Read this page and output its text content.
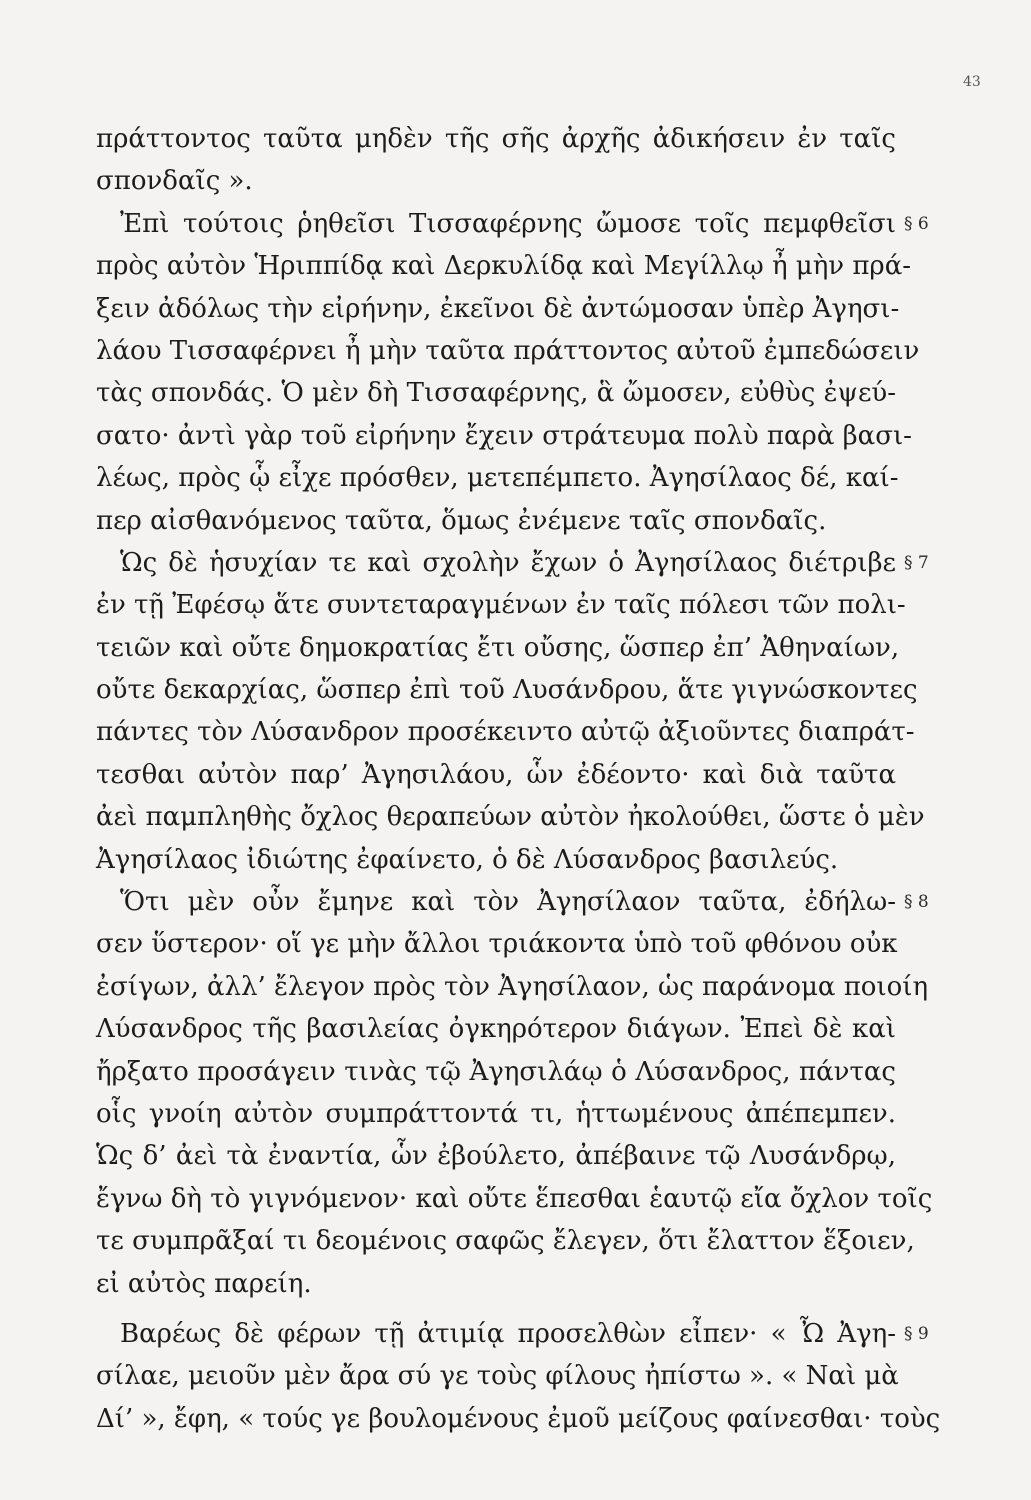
43
πράττοντος ταῦτα μηδὲν τῆς σῆς ἀρχῆς ἀδικήσειν ἐν ταῖς
σπονδαῖς ».
Ἐπὶ τούτοις ῥηθεῖσι Τισσαφέρνης ὤμοσε τοῖς πεμφθεῖσι
πρὸς αὐτὸν Ἡριππίδᾳ καὶ Δερκυλίδᾳ καὶ Μεγίλλῳ ἦ μὴν πρά-
ξειν ἀδόλως τὴν εἰρήνην, ἐκεῖνοι δὲ ἀντώμοσαν ὑπὲρ Ἀγησι-
λάου Τισσαφέρνει ἦ μὴν ταῦτα πράττοντος αὐτοῦ ἐμπεδώσειν
τὰς σπονδάς. Ὁ μὲν δὴ Τισσαφέρνης, ἃ ὤμοσεν, εὐθὺς ἐψεύ-
σατο· ἀντὶ γὰρ τοῦ εἰρήνην ἔχειν στράτευμα πολὺ παρὰ βασι-
λέως, πρὸς ᾧ εἶχε πρόσθεν, μετεπέμπετο. Ἀγησίλαος δέ, καί-
περ αἰσθανόμενος ταῦτα, ὅμως ἐνέμενε ταῖς σπονδαῖς.
Ὡς δὲ ἡσυχίαν τε καὶ σχολὴν ἔχων ὁ Ἀγησίλαος διέτριβε
ἐν τῇ Ἐφέσῳ ἅτε συντεταραγμένων ἐν ταῖς πόλεσι τῶν πολι-
τειῶν καὶ οὔτε δημοκρατίας ἔτι οὔσης, ὥσπερ ἐπ’ Ἀθηναίων,
οὔτε δεκαρχίας, ὥσπερ ἐπὶ τοῦ Λυσάνδρου, ἅτε γιγνώσκοντες
πάντες τὸν Λύσανδρον προσέκειντο αὐτῷ ἀξιοῦντες διαπράτ-
τεσθαι αὐτὸν παρ’ Ἀγησιλάου, ὧν ἐδέοντο· καὶ διὰ ταῦτα
ἀεὶ παμπληθὴς ὄχλος θεραπεύων αὐτὸν ἠκολούθει, ὥστε ὁ μὲν
Ἀγησίλαος ἰδιώτης ἐφαίνετο, ὁ δὲ Λύσανδρος βασιλεύς.
Ὅτι μὲν οὖν ἔμηνε καὶ τὸν Ἀγησίλαον ταῦτα, ἐδήλω-
σεν ὕστερον· οἵ γε μὴν ἄλλοι τριάκοντα ὑπὸ τοῦ φθόνου οὐκ
ἐσίγων, ἀλλ’ ἔλεγον πρὸς τὸν Ἀγησίλαον, ὡς παράνομα ποιοίη
Λύσανδρος τῆς βασιλείας ὀγκηρότερον διάγων. Ἐπεὶ δὲ καὶ
ἤρξατο προσάγειν τινὰς τῷ Ἀγησιλάῳ ὁ Λύσανδρος, πάντας
οἷς γνοίη αὐτὸν συμπράττοντά τι, ἡττωμένους ἀπέπεμπεν.
Ὡς δ’ ἀεὶ τὰ ἐναντία, ὧν ἐβούλετο, ἀπέβαινε τῷ Λυσάνδρῳ,
ἔγνω δὴ τὸ γιγνόμενον· καὶ οὔτε ἕπεσθαι ἑαυτῷ εἴα ὄχλον τοῖς
τε συμπρᾶξαί τι δεομένοις σαφῶς ἔλεγεν, ὅτι ἔλαττον ἕξοιεν,
εἰ αὐτὸς παρείη.
Βαρέως δὲ φέρων τῇ ἀτιμίᾳ προσελθὼν εἶπεν· « Ὦ Ἀγη-
σίλαε, μειοῦν μὲν ἄρα σύ γε τοὺς φίλους ἠπίστω ». « Ναὶ μὰ
Δί’ », ἔφη, « τούς γε βουλομένους ἐμοῦ μείζους φαίνεσθαι· τοὺς
§ 6
§ 7
§ 8
§ 9
